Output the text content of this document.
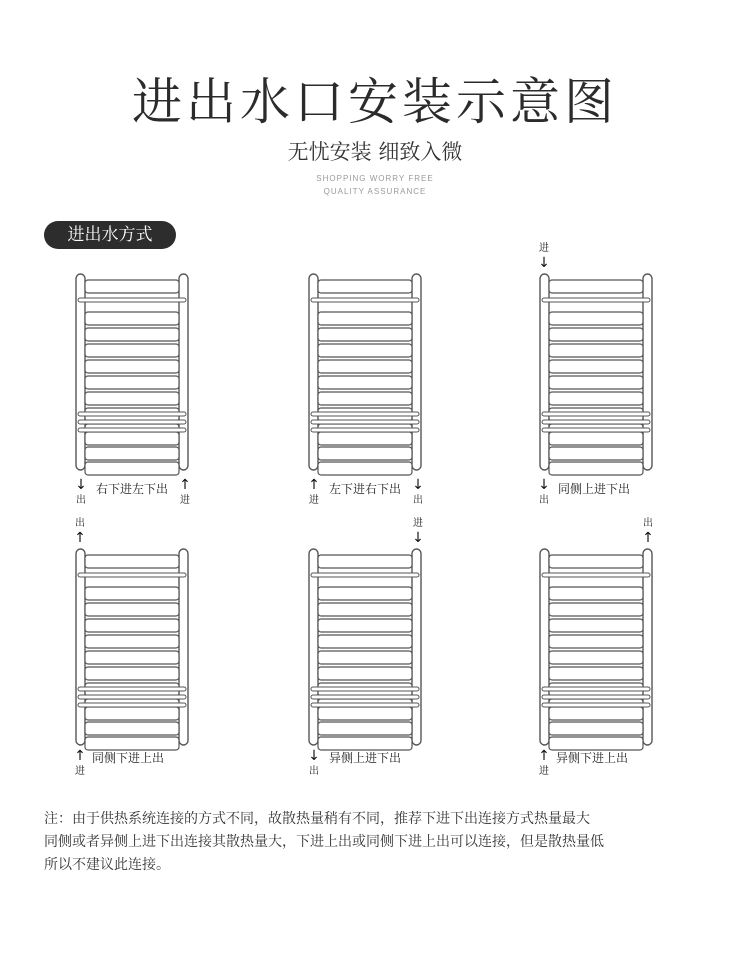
进出水口安装示意图
无忧安装 细致入微
SHOPPING WORRY FREE
QUALITY ASSURANCE
进出水方式
↓
出
右下进左下出 ↑
进
↑
进
左下进右下出 ↓
出
进
↓
↓
出
同侧上进下出
出
↑
↑
进
同侧下进上出
进
↓
↓
出
异侧上进下出
出
↑
↑
进
异侧下进上出

注：由于供热系统连接的方式不同，故散热量稍有不同，推荐下进下出连接方式热量最大

同侧或者异侧上进下出连接其散热量大，下进上出或同侧下进上出可以连接，但是散热量低

所以不建议此连接。
